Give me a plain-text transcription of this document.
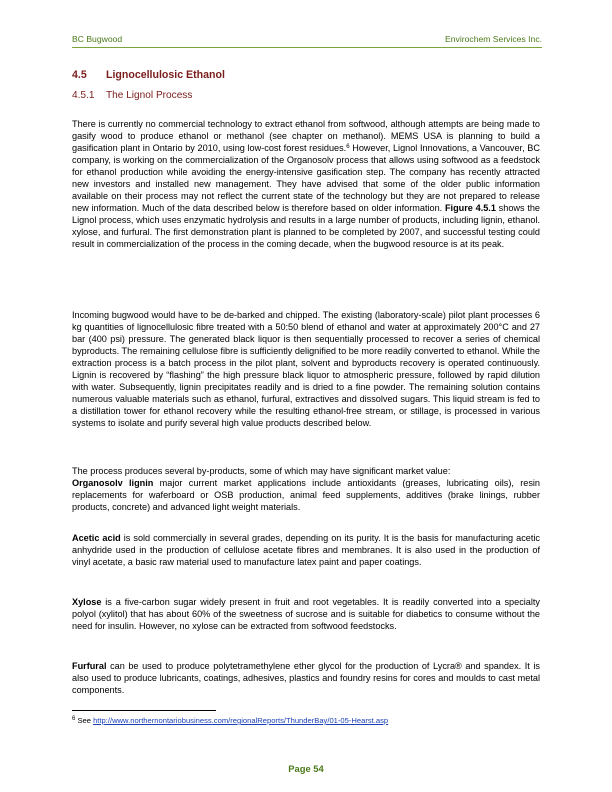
BC Bugwood	Envirochem Services Inc.
4.5 Lignocellulosic Ethanol
4.5.1 The Lignol Process

There is currently no commercial technology to extract ethanol from softwood, although attempts are being made to gasify wood to produce ethanol or methanol (see chapter on methanol). MEMS USA is planning to build a gasification plant in Ontario by 2010, using low-cost forest residues.$^6$ However, Lignol Innovations, a Vancouver, BC company, is working on the commercialization of the Organosolv process that allows using softwood as a feedstock for ethanol production while avoiding the energy-intensive gasification step. The company has recently attracted new investors and installed new management. They have advised that some of the older public information available on their process may not reflect the current state of the technology but they are not prepared to release new information. Much of the data described below is therefore based on older information. Figure 4.5.1 shows the Lignol process, which uses enzymatic hydrolysis and results in a large number of products, including lignin, ethanol. xylose, and furfural. The first demonstration plant is planned to be completed by 2007, and successful testing could result in commercialization of the process in the coming decade, when the bugwood resource is at its peak.

Incoming bugwood would have to be de-barked and chipped. The existing (laboratory-scale) pilot plant processes 6 kg quantities of lignocellulosic fibre treated with a 50:50 blend of ethanol and water at approximately 200°C and 27 bar (400 psi) pressure. The generated black liquor is then sequentially processed to recover a series of chemical byproducts. The remaining cellulose fibre is sufficiently delignified to be more readily converted to ethanol. While the extraction process is a batch process in the pilot plant, solvent and byproducts recovery is operated continuously. Lignin is recovered by “flashing” the high pressure black liquor to atmospheric pressure, followed by rapid dilution with water. Subsequently, lignin precipitates readily and is dried to a fine powder. The remaining solution contains numerous valuable materials such as ethanol, furfural, extractives and dissolved sugars. This liquid stream is fed to a distillation tower for ethanol recovery while the resulting ethanol-free stream, or stillage, is processed in various systems to isolate and purify several high value products described below.

The process produces several by-products, some of which may have significant market value:

Organosolv lignin major current market applications include antioxidants (greases, lubricating oils), resin replacements for waferboard or OSB production, animal feed supplements, additives (brake linings, rubber products, concrete) and advanced light weight materials.

Acetic acid is sold commercially in several grades, depending on its purity. It is the basis for manufacturing acetic anhydride used in the production of cellulose acetate fibres and membranes. It is also used in the production of vinyl acetate, a basic raw material used to manufacture latex paint and paper coatings.

Xylose is a five-carbon sugar widely present in fruit and root vegetables. It is readily converted into a specialty polyol (xylitol) that has about 60% of the sweetness of sucrose and is suitable for diabetics to consume without the need for insulin. However, no xylose can be extracted from softwood feedstocks.

Furfural can be used to produce polytetramethylene ether glycol for the production of Lycra® and spandex. It is also used to produce lubricants, coatings, adhesives, plastics and foundry resins for cores and moulds to cast metal components.

$^6$ See http://www.northernontariobusiness.com/regionalReports/ThunderBay/01-05-Hearst.asp
Page 54
